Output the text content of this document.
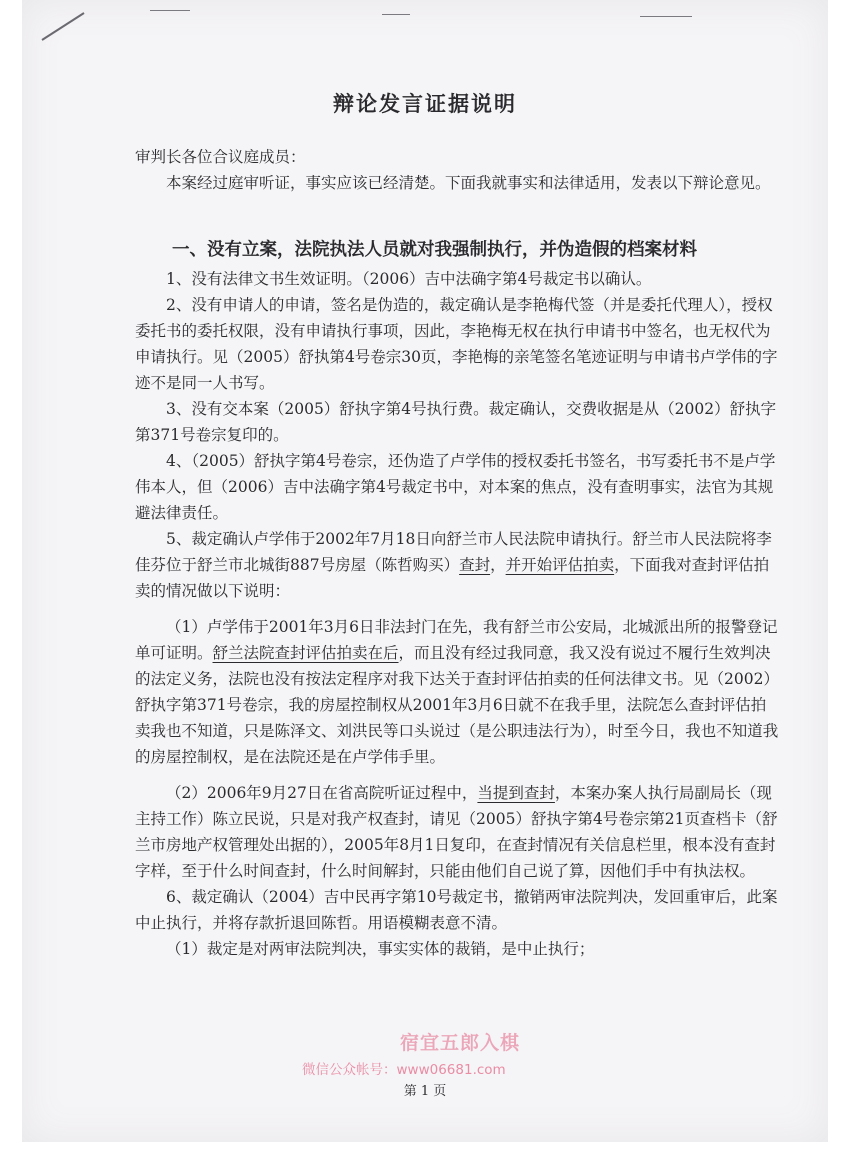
辩论发言证据说明

审判长各位合议庭成员：

本案经过庭审听证，事实应该已经清楚。下面我就事实和法律适用，发表以下辩论意见。

一、没有立案，法院执法人员就对我强制执行，并伪造假的档案材料

1、没有法律文书生效证明。（2006）吉中法确字第4号裁定书以确认。

2、没有申请人的申请，签名是伪造的，裁定确认是李艳梅代签（并是委托代理人），授权委托书的委托权限，没有申请执行事项，因此，李艳梅无权在执行申请书中签名，也无权代为申请执行。见（2005）舒执第4号卷宗30页，李艳梅的亲笔签名笔迹证明与申请书卢学伟的字迹不是同一人书写。

3、没有交本案（2005）舒执字第4号执行费。裁定确认，交费收据是从（2002）舒执字第371号卷宗复印的。

4、（2005）舒执字第4号卷宗，还伪造了卢学伟的授权委托书签名，书写委托书不是卢学伟本人，但（2006）吉中法确字第4号裁定书中，对本案的焦点，没有查明事实，法官为其规避法律责任。

5、裁定确认卢学伟于2002年7月18日向舒兰市人民法院申请执行。舒兰市人民法院将李佳芬位于舒兰市北城街887号房屋（陈哲购买）查封，并开始评估拍卖，下面我对查封评估拍卖的情况做以下说明：

（1）卢学伟于2001年3月6日非法封门在先，我有舒兰市公安局，北城派出所的报警登记单可证明。舒兰法院查封评估拍卖在后，而且没有经过我同意，我又没有说过不履行生效判决的法定义务，法院也没有按法定程序对我下达关于查封评估拍卖的任何法律文书。见（2002）舒执字第371号卷宗，我的房屋控制权从2001年3月6日就不在我手里，法院怎么查封评估拍卖我也不知道，只是陈泽文、刘洪民等口头说过（是公职违法行为），时至今日，我也不知道我的房屋控制权，是在法院还是在卢学伟手里。

（2）2006年9月27日在省高院听证过程中，当提到查封，本案办案人执行局副局长（现主持工作）陈立民说，只是对我产权查封，请见（2005）舒执字第4号卷宗第21页查档卡（舒兰市房地产权管理处出据的），2005年8月1日复印，在查封情况有关信息栏里，根本没有查封字样，至于什么时间查封，什么时间解封，只能由他们自己说了算，因他们手中有执法权。

6、裁定确认（2004）吉中民再字第10号裁定书，撤销两审法院判决，发回重审后，此案中止执行，并将存款折退回陈哲。用语模糊表意不清。

（1）裁定是对两审法院判决，事实实体的裁销，是中止执行；

宿宜五郎入棋
微信公众帐号：www06681.com
第 1 页
